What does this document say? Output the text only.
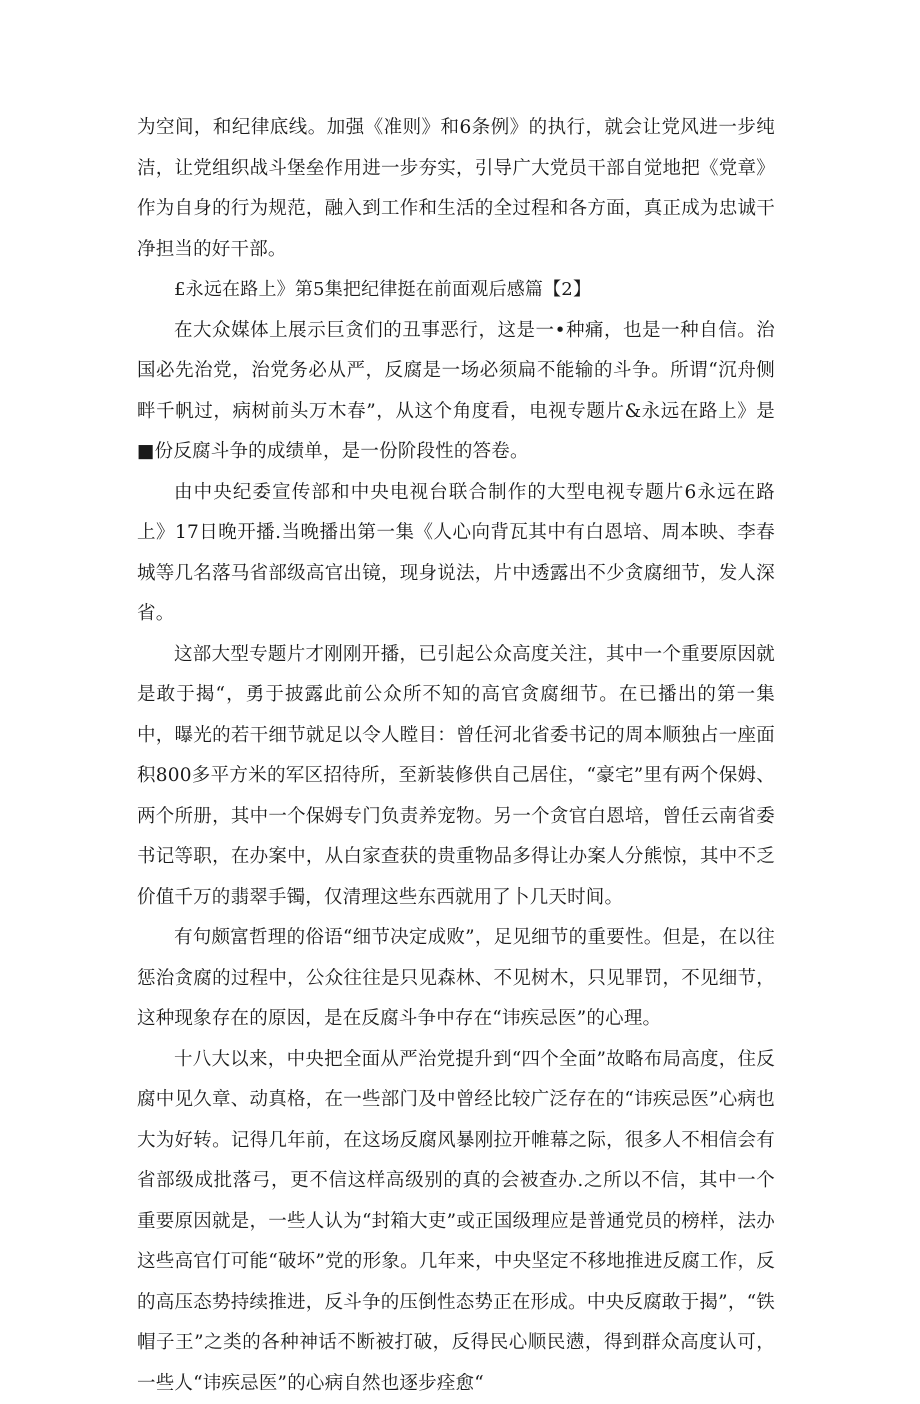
为空间，和纪律底线。加强《准则》和6条例》的执行，就会让党风进一步纯洁，让党组织战斗堡垒作用进一步夯实，引导广大党员干部自觉地把《党章》作为自身的行为规范，融入到工作和生活的全过程和各方面，真正成为忠诚干净担当的好干部。

£永远在路上》第5集把纪律挺在前面观后感篇【2】

在大众媒体上展示巨贪们的丑事恶行，这是一•种痛，也是一种自信。治国必先治党，治党务必从严，反腐是一场必须扁不能输的斗争。所谓“沉舟侧畔千帆过，病树前头万木春”，从这个角度看，电视专题片&永远在路上》是■份反腐斗争的成绩单，是一份阶段性的答卷。

由中央纪委宣传部和中央电视台联合制作的大型电视专题片6永远在路上》17日晚开播.当晚播出第一集《人心向背瓦其中有白恩培、周本映、李春城等几名落马省部级高官出镜，现身说法，片中透露出不少贪腐细节，发人深省。

这部大型专题片才刚刚开播，已引起公众高度关注，其中一个重要原因就是敢于揭“，勇于披露此前公众所不知的高官贪腐细节。在已播出的第一集中，曝光的若干细节就足以令人瞠目：曾任河北省委书记的周本顺独占一座面积800多平方米的军区招待所，至新装修供自己居住，“豪宅”里有两个保姆、两个所册，其中一个保姆专门负责养宠物。另一个贪官白恩培，曾任云南省委书记等职，在办案中，从白家查获的贵重物品多得让办案人分熊惊，其中不乏价值千万的翡翠手镯，仅清理这些东西就用了卜几天时间。

有句颇富哲理的俗语“细节决定成败”，足见细节的重要性。但是，在以往惩治贪腐的过程中，公众往往是只见森林、不见树木，只见罪罚，不见细节，这种现象存在的原因，是在反腐斗争中存在“讳疾忌医”的心理。

十八大以来，中央把全面从严治党提升到“四个全面”故略布局高度，住反腐中见久章、动真格，在一些部门及中曾经比较广泛存在的“讳疾忌医”心病也大为好转。记得几年前，在这场反腐风暴刚拉开帷幕之际，很多人不相信会有省部级成批落弓，更不信这样高级别的真的会被查办.之所以不信，其中一个重要原因就是，一些人认为“封箱大吏”或正国级理应是普通党员的榜样，法办这些高官仃可能“破坏”党的形象。几年来，中央坚定不移地推进反腐工作，反的高压态势持续推进，反斗争的压倒性态势正在形成。中央反腐敢于揭”，“铁帽子王”之类的各种神话不断被打破，反得民心顺民懑，得到群众高度认可，一些人“讳疾忌医”的心病自然也逐步痊愈“
